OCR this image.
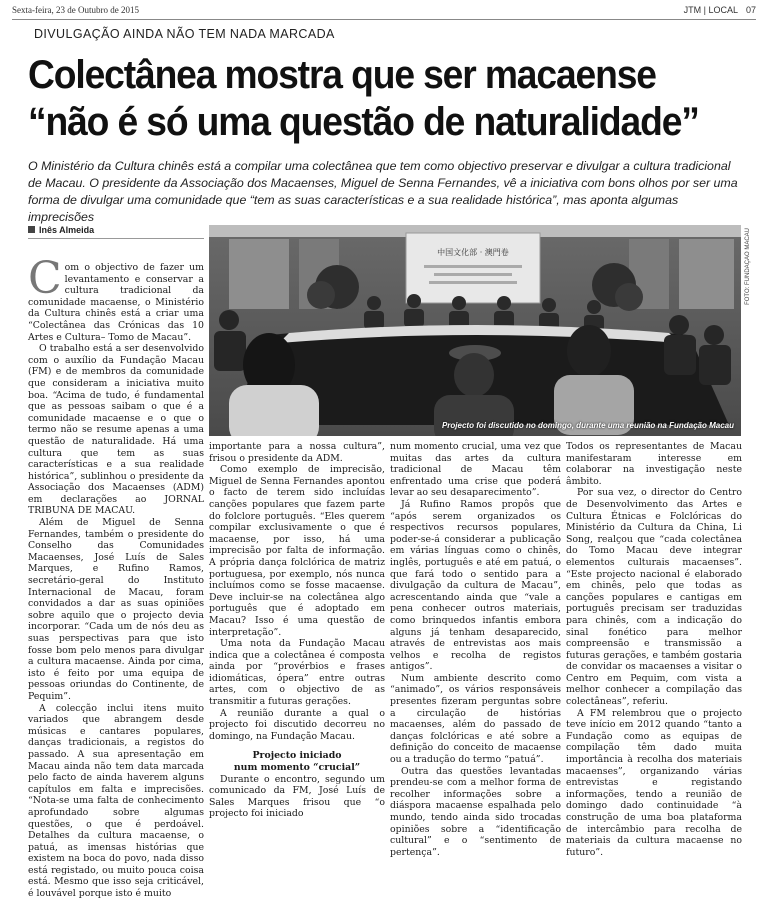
Sexta-feira, 23 de Outubro de 2015	JTM | LOCAL 07
DIVULGAÇÃO AINDA NÃO TEM NADA MARCADA
Colectânea mostra que ser macaense
“não é só uma questão de naturalidade”
O Ministério da Cultura chinês está a compilar uma colectânea que tem como objectivo preservar e divulgar a cultura tradicional de Macau. O presidente da Associação dos Macaenses, Miguel de Senna Fernandes, vê a iniciativa com bons olhos por ser uma forma de divulgar uma comunidade que “tem as suas características e a sua realidade histórica”, mas aponta algumas imprecisões
Inês Almeida
中国文化部 · 澳門卷	FOTO: FUNDAÇÃO MACAU
Projecto foi discutido no domingo, durante uma reunião na Fundação Macau

Com o objectivo de fazer um levantamento e conservar a cultura tradicional da comunidade macaense, o Ministério da Cultura chinês está a criar uma “Colectânea das Crónicas das 10 Artes e Cultura– Tomo de Macau”.

O trabalho está a ser desenvolvido com o auxílio da Fundação Macau (FM) e de membros da comunidade que consideram a iniciativa muito boa. “Acima de tudo, é fundamental que as pessoas saibam o que é a comunidade macaense e o que o termo não se resume apenas a uma questão de naturalidade. Há uma cultura que tem as suas características e a sua realidade histórica”, sublinhou o presidente da Associação dos Macaenses (ADM) em declarações ao JORNAL TRIBUNA DE MACAU.

Além de Miguel de Senna Fernandes, também o presidente do Conselho das Comunidades Macaenses, José Luís de Sales Marques, e Rufino Ramos, secretário-geral do Instituto Internacional de Macau, foram convidados a dar as suas opiniões sobre aquilo que o projecto devia incorporar. “Cada um de nós deu as suas perspectivas para que isto fosse bom pelo menos para divulgar a cultura macaense. Ainda por cima, isto é feito por uma equipa de pessoas oriundas do Continente, de Pequim”.

A colecção inclui itens muito variados que abrangem desde músicas e cantares populares, danças tradicionais, a registos do passado. A sua apresentação em Macau ainda não tem data marcada pelo facto de ainda haverem alguns capítulos em falta e imprecisões. “Nota-se uma falta de conhecimento aprofundado sobre algumas questões, o que é perdoável. Detalhes da cultura macaense, o patuá, as imensas histórias que existem na boca do povo, nada disso está registado, ou muito pouca coisa está. Mesmo que isso seja criticável, é louvável porque isto é muito

importante para a nossa cultura”, frisou o presidente da ADM.

Como exemplo de imprecisão, Miguel de Senna Fernandes apontou o facto de terem sido incluídas canções populares que fazem parte do folclore português. “Eles querem compilar exclusivamente o que é macaense, por isso, há uma imprecisão por falta de informação. A própria dança folclórica de matriz portuguesa, por exemplo, nós nunca incluímos como se fosse macaense. Deve incluir-se na colectânea algo português que é adoptado em Macau? Isso é uma questão de interpretação”.

Uma nota da Fundação Macau indica que a colectânea é composta ainda por “provérbios e frases idiomáticas, ópera” entre outras artes, com o objectivo de as transmitir a futuras gerações.

A reunião durante a qual o projecto foi discutido decorreu no domingo, na Fundação Macau.

Projecto iniciado
num momento “crucial”

Durante o encontro, segundo um comunicado da FM, José Luís de Sales Marques frisou que “o projecto foi iniciado

num momento crucial, uma vez que muitas das artes da cultura tradicional de Macau têm enfrentado uma crise que poderá levar ao seu desaparecimento”.

Já Rufino Ramos propôs que “após serem organizados os respectivos recursos populares, poder-se-á considerar a publicação em várias línguas como o chinês, inglês, português e até em patuá, o que fará todo o sentido para a divulgação da cultura de Macau”, acrescentando ainda que “vale a pena conhecer outros materiais, como brinquedos infantis embora alguns já tenham desaparecido, através de entrevistas aos mais velhos e recolha de registos antigos”.

Num ambiente descrito como “animado”, os vários responsáveis presentes fizeram perguntas sobre a circulação de histórias macaenses, além do passado de danças folclóricas e até sobre a definição do conceito de macaense ou a tradução do termo “patuá”.

Outra das questões levantadas prendeu-se com a melhor forma de recolher informações sobre a diáspora macaense espalhada pelo mundo, tendo ainda sido trocadas opiniões sobre a “identificação cultural” e o “sentimento de pertença”.

Todos os representantes de Macau manifestaram interesse em colaborar na investigação neste âmbito.

Por sua vez, o director do Centro de Desenvolvimento das Artes e Cultura Étnicas e Folclóricas do Ministério da Cultura da China, Li Song, realçou que “cada colectânea do Tomo Macau deve integrar elementos culturais macaenses”. “Este projecto nacional é elaborado em chinês, pelo que todas as canções populares e cantigas em português precisam ser traduzidas para chinês, com a indicação do sinal fonético para melhor compreensão e transmissão a futuras gerações, e também gostaria de convidar os macaenses a visitar o Centro em Pequim, com vista a melhor conhecer a compilação das colectâneas”, referiu.

A FM relembrou que o projecto teve início em 2012 quando “tanto a Fundação como as equipas de compilação têm dado muita importância à recolha dos materiais macaenses”, organizando várias entrevistas e registando informações, tendo a reunião de domingo dado continuidade “à construção de uma boa plataforma de intercâmbio para recolha de materiais da cultura macaense no futuro”.
